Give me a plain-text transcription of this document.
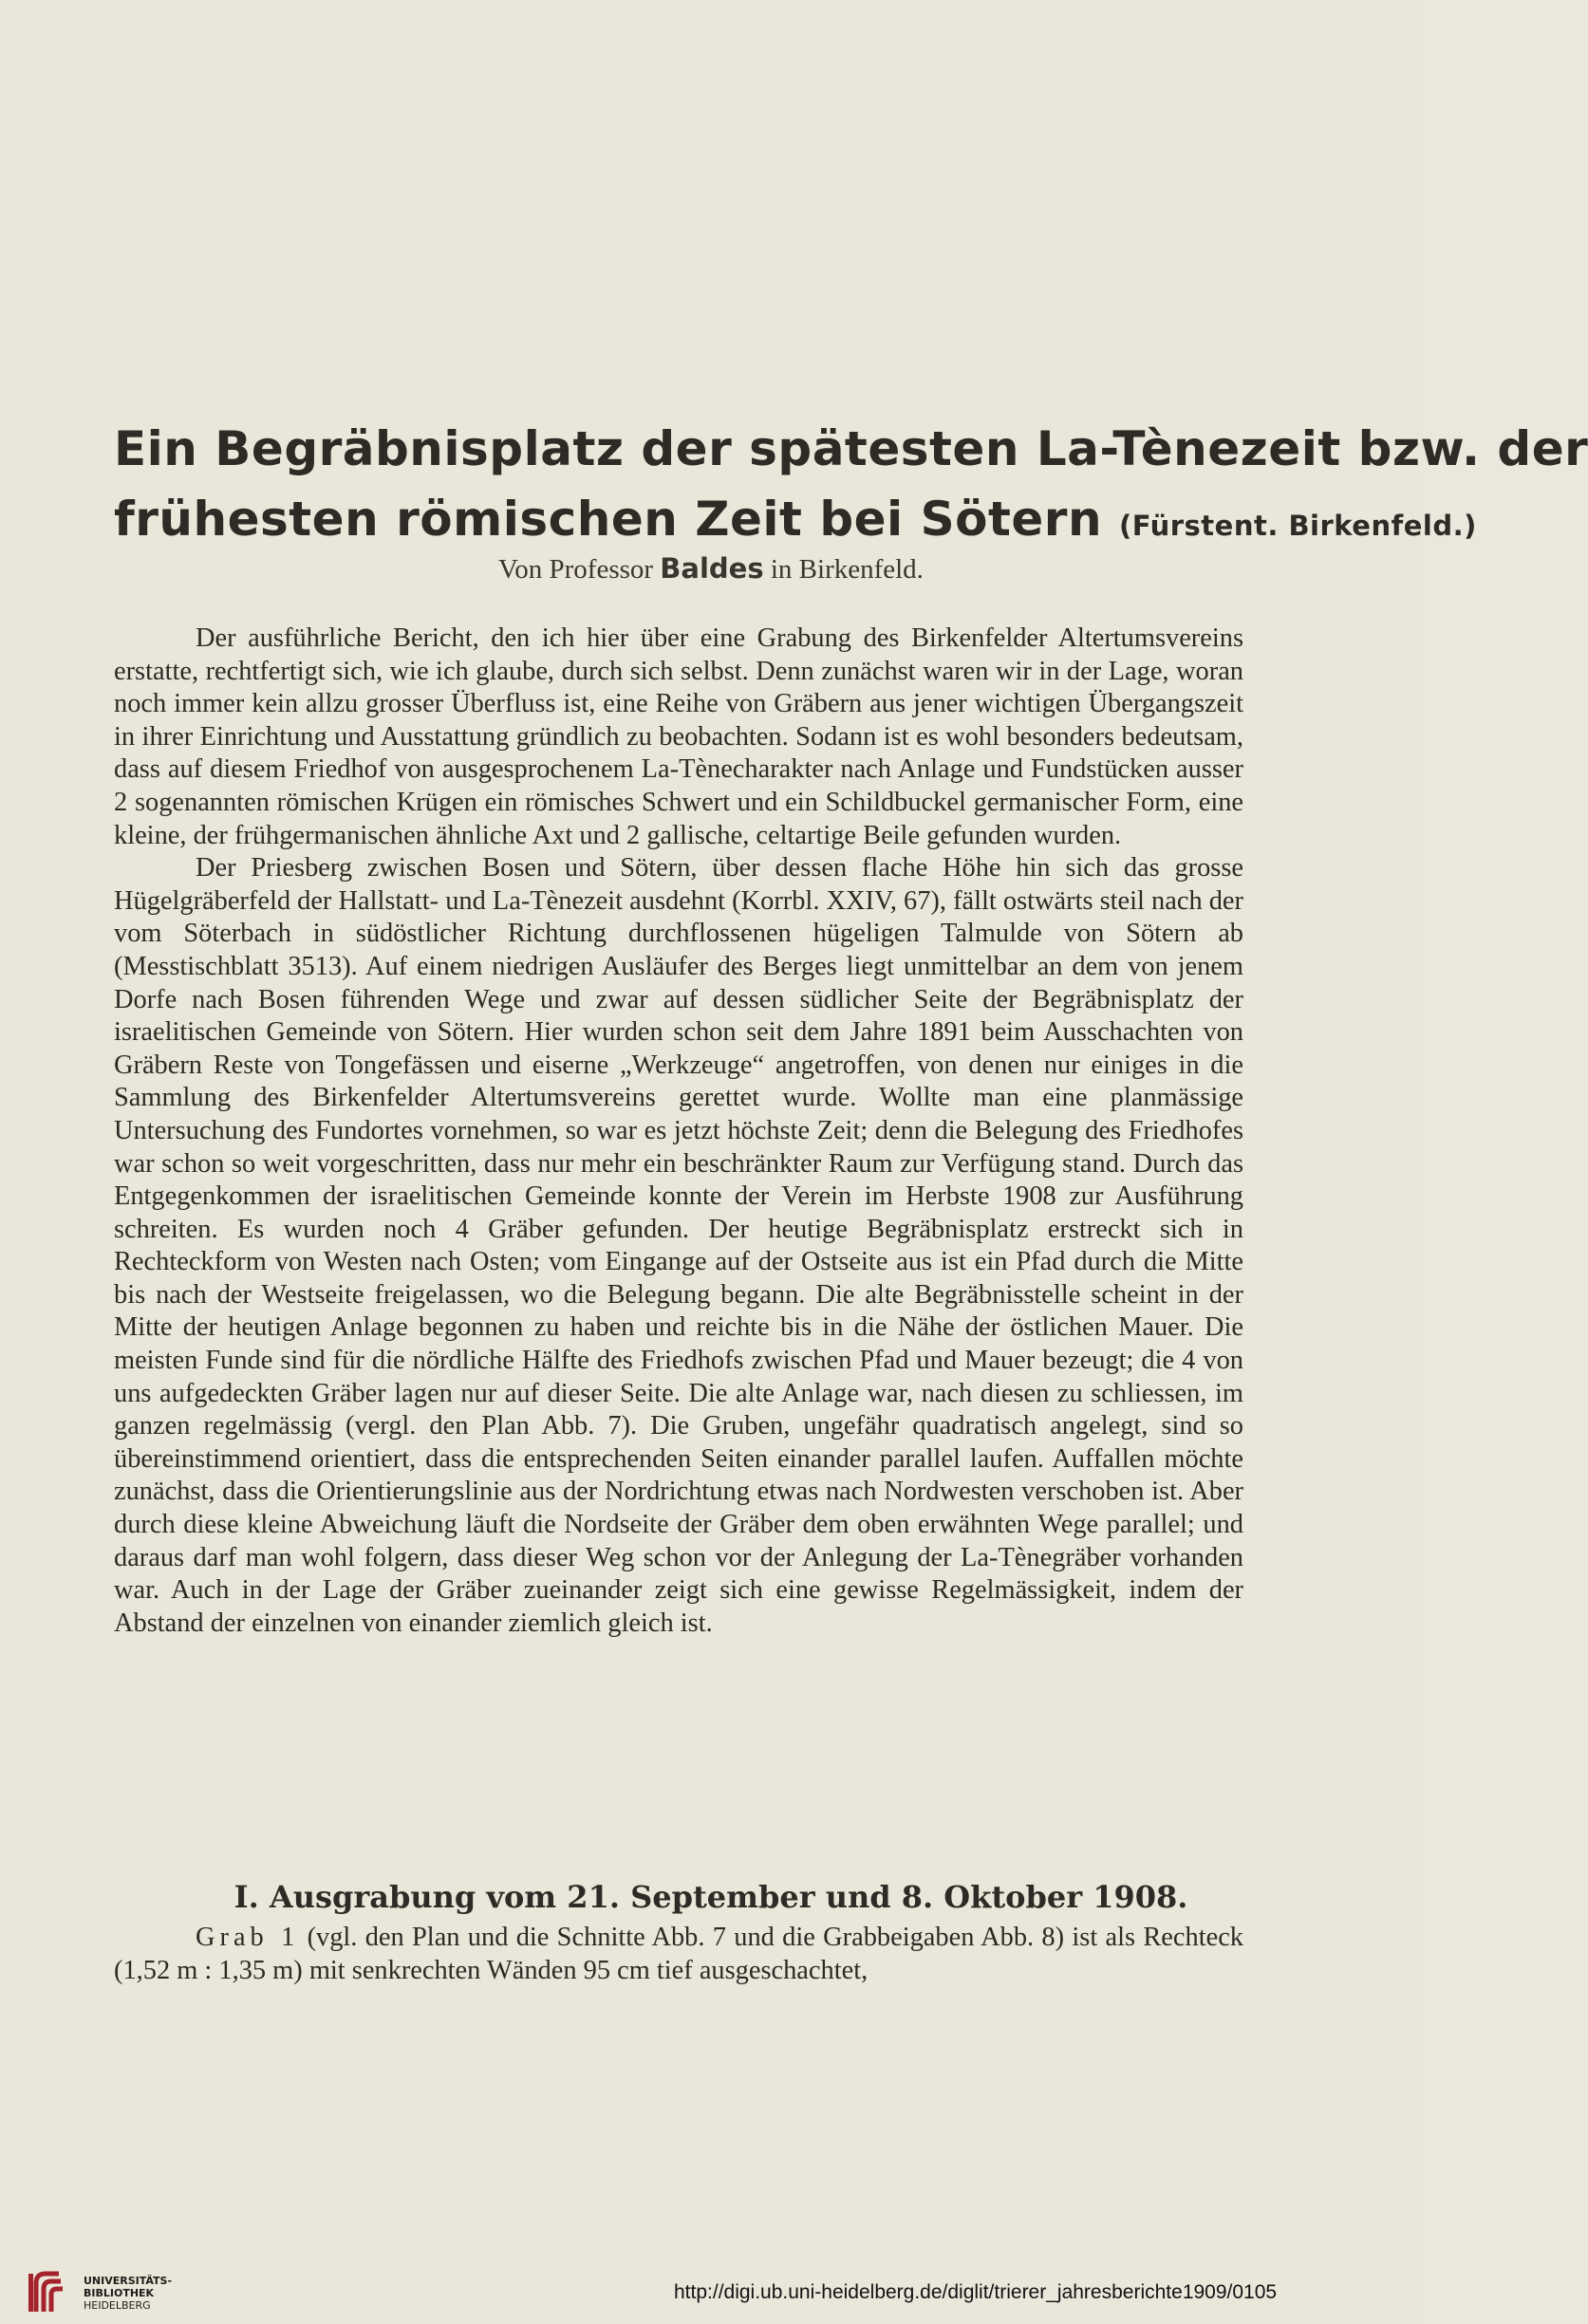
Ein Begräbnisplatz der spätesten La-Tènezeit bzw. der
frühesten römischen Zeit bei Sötern (Fürstent. Birkenfeld.)
Von Professor Baldes in Birkenfeld.

Der ausführliche Bericht, den ich hier über eine Grabung des Birkenfelder Altertumsvereins erstatte, rechtfertigt sich, wie ich glaube, durch sich selbst. Denn zunächst waren wir in der Lage, woran noch immer kein allzu grosser Überfluss ist, eine Reihe von Gräbern aus jener wichtigen Übergangszeit in ihrer Einrichtung und Ausstattung gründlich zu beobachten. Sodann ist es wohl besonders bedeutsam, dass auf diesem Friedhof von ausgesprochenem La-Tènecharakter nach Anlage und Fundstücken ausser 2 sogenannten römischen Krügen ein römisches Schwert und ein Schildbuckel germanischer Form, eine kleine, der frühgermanischen ähnliche Axt und 2 gallische, celtartige Beile gefunden wurden.

Der Priesberg zwischen Bosen und Sötern, über dessen flache Höhe hin sich das grosse Hügelgräberfeld der Hallstatt- und La-Tènezeit ausdehnt (Korrbl. XXIV, 67), fällt ostwärts steil nach der vom Söterbach in südöstlicher Richtung durchflossenen hügeligen Talmulde von Sötern ab (Messtischblatt 3513). Auf einem niedrigen Ausläufer des Berges liegt unmittelbar an dem von jenem Dorfe nach Bosen führenden Wege und zwar auf dessen südlicher Seite der Begräbnisplatz der israelitischen Gemeinde von Sötern. Hier wurden schon seit dem Jahre 1891 beim Ausschachten von Gräbern Reste von Tongefässen und eiserne „Werkzeuge“ angetroffen, von denen nur einiges in die Sammlung des Birkenfelder Altertumsvereins gerettet wurde. Wollte man eine planmässige Untersuchung des Fundortes vornehmen, so war es jetzt höchste Zeit; denn die Belegung des Friedhofes war schon so weit vorgeschritten, dass nur mehr ein beschränkter Raum zur Verfügung stand. Durch das Entgegenkommen der israelitischen Gemeinde konnte der Verein im Herbste 1908 zur Ausführung schreiten. Es wurden noch 4 Gräber gefunden. Der heutige Begräbnisplatz erstreckt sich in Rechteckform von Westen nach Osten; vom Eingange auf der Ostseite aus ist ein Pfad durch die Mitte bis nach der Westseite freigelassen, wo die Belegung begann. Die alte Begräbnisstelle scheint in der Mitte der heutigen Anlage begonnen zu haben und reichte bis in die Nähe der östlichen Mauer. Die meisten Funde sind für die nördliche Hälfte des Friedhofs zwischen Pfad und Mauer bezeugt; die 4 von uns aufgedeckten Gräber lagen nur auf dieser Seite. Die alte Anlage war, nach diesen zu schliessen, im ganzen regelmässig (vergl. den Plan Abb. 7). Die Gruben, ungefähr quadratisch angelegt, sind so übereinstimmend orientiert, dass die entsprechenden Seiten einander parallel laufen. Auffallen möchte zunächst, dass die Orientierungslinie aus der Nordrichtung etwas nach Nordwesten verschoben ist. Aber durch diese kleine Abweichung läuft die Nordseite der Gräber dem oben erwähnten Wege parallel; und daraus darf man wohl folgern, dass dieser Weg schon vor der Anlegung der La-Tènegräber vorhanden war. Auch in der Lage der Gräber zueinander zeigt sich eine gewisse Regelmässigkeit, indem der Abstand der einzelnen von einander ziemlich gleich ist.

I. Ausgrabung vom 21. September und 8. Oktober 1908.

Grab 1 (vgl. den Plan und die Schnitte Abb. 7 und die Grabbeigaben Abb. 8) ist als Rechteck (1,52 m : 1,35 m) mit senkrechten Wänden 95 cm tief ausgeschachtet,

UNIVERSITÄTS-
BIBLIOTHEK
HEIDELBERG
http://digi.ub.uni-heidelberg.de/diglit/trierer_jahresberichte1909/0105
